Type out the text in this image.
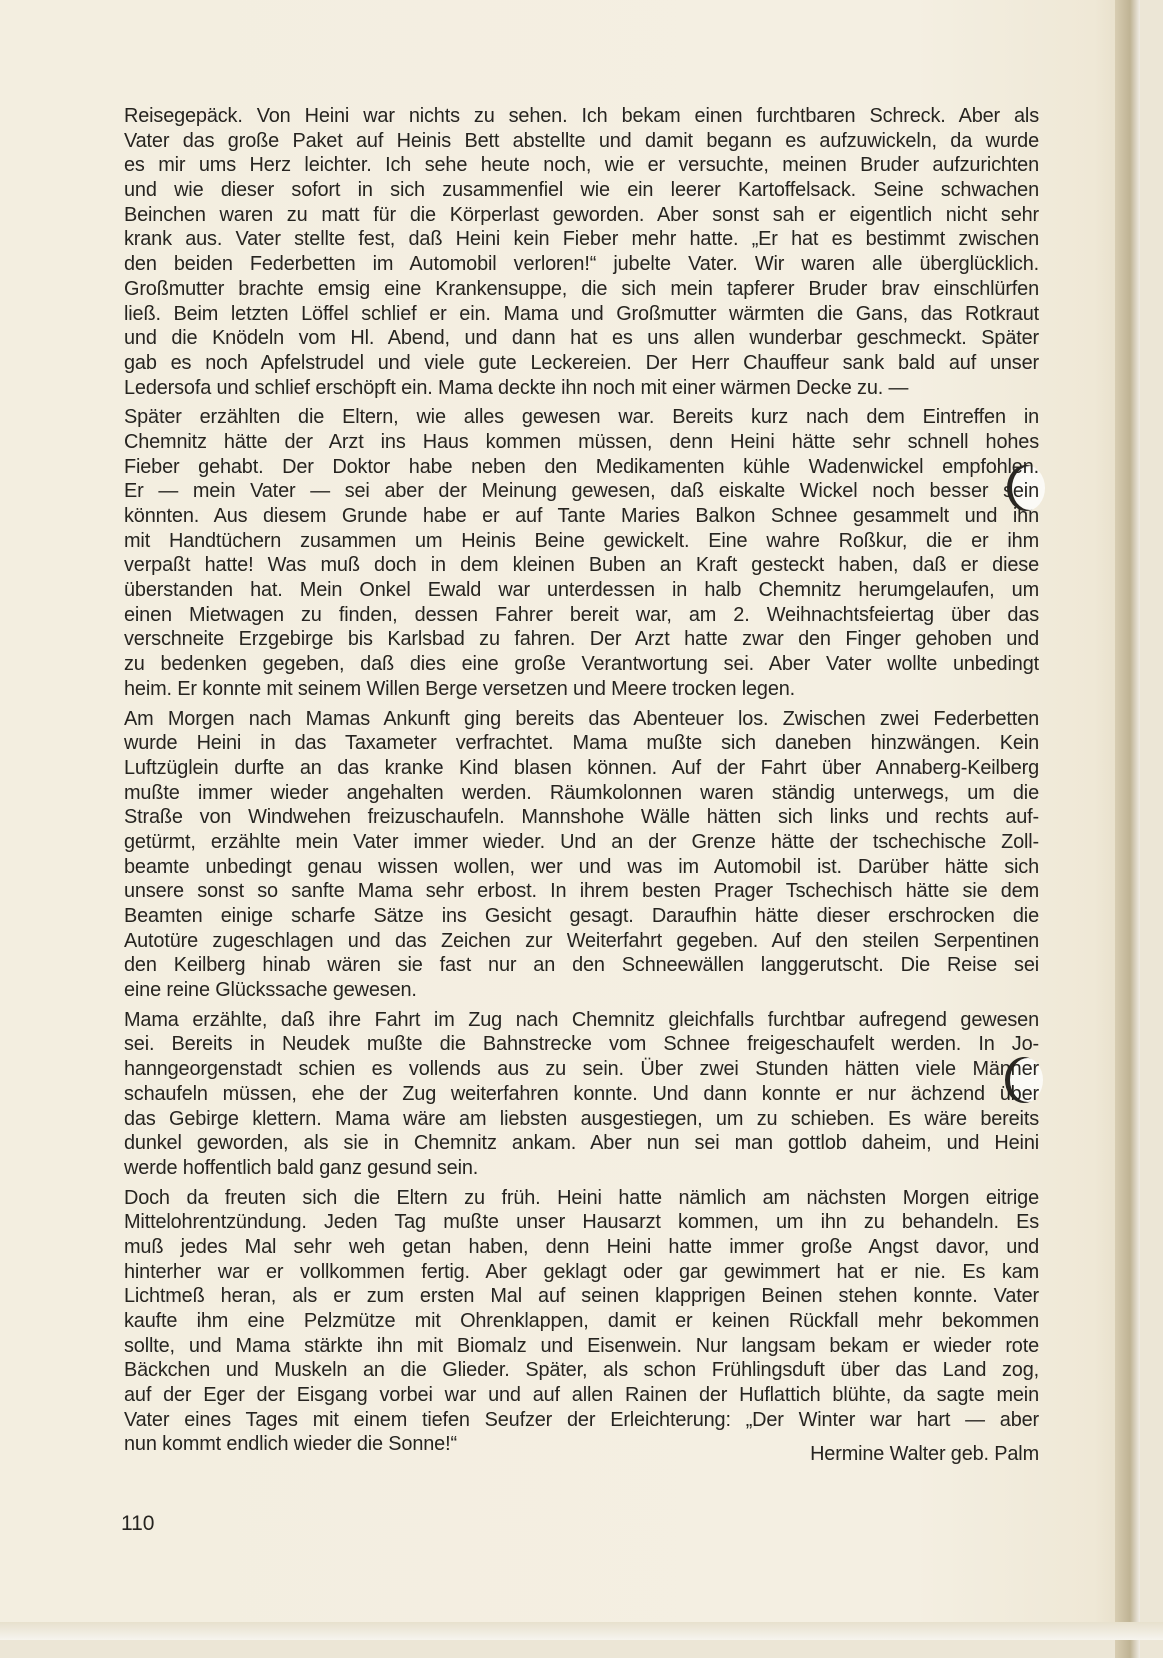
Reisegepäck. Von Heini war nichts zu sehen. Ich bekam einen furchtbaren Schreck. Aber als
Vater das große Paket auf Heinis Bett abstellte und damit begann es aufzuwickeln, da wurde
es mir ums Herz leichter. Ich sehe heute noch, wie er versuchte, meinen Bruder aufzurichten
und wie dieser sofort in sich zusammenfiel wie ein leerer Kartoffelsack. Seine schwachen
Beinchen waren zu matt für die Körperlast geworden. Aber sonst sah er eigentlich nicht sehr
krank aus. Vater stellte fest, daß Heini kein Fieber mehr hatte. „Er hat es bestimmt zwischen
den beiden Federbetten im Automobil verloren!“ jubelte Vater. Wir waren alle überglücklich.
Großmutter brachte emsig eine Krankensuppe, die sich mein tapferer Bruder brav einschlürfen
ließ. Beim letzten Löffel schlief er ein. Mama und Großmutter wärmten die Gans, das Rotkraut
und die Knödeln vom Hl. Abend, und dann hat es uns allen wunderbar geschmeckt. Später
gab es noch Apfelstrudel und viele gute Leckereien. Der Herr Chauffeur sank bald auf unser
Ledersofa und schlief erschöpft ein. Mama deckte ihn noch mit einer wärmen Decke zu. —
Später erzählten die Eltern, wie alles gewesen war. Bereits kurz nach dem Eintreffen in
Chemnitz hätte der Arzt ins Haus kommen müssen, denn Heini hätte sehr schnell hohes
Fieber gehabt. Der Doktor habe neben den Medikamenten kühle Wadenwickel empfohlen.
Er — mein Vater — sei aber der Meinung gewesen, daß eiskalte Wickel noch besser sein
könnten. Aus diesem Grunde habe er auf Tante Maries Balkon Schnee gesammelt und ihn
mit Handtüchern zusammen um Heinis Beine gewickelt. Eine wahre Roßkur, die er ihm
verpaßt hatte! Was muß doch in dem kleinen Buben an Kraft gesteckt haben, daß er diese
überstanden hat. Mein Onkel Ewald war unterdessen in halb Chemnitz herumgelaufen, um
einen Mietwagen zu finden, dessen Fahrer bereit war, am 2. Weihnachtsfeiertag über das
verschneite Erzgebirge bis Karlsbad zu fahren. Der Arzt hatte zwar den Finger gehoben und
zu bedenken gegeben, daß dies eine große Verantwortung sei. Aber Vater wollte unbedingt
heim. Er konnte mit seinem Willen Berge versetzen und Meere trocken legen.
Am Morgen nach Mamas Ankunft ging bereits das Abenteuer los. Zwischen zwei Federbetten
wurde Heini in das Taxameter verfrachtet. Mama mußte sich daneben hinzwängen. Kein
Luftzüglein durfte an das kranke Kind blasen können. Auf der Fahrt über Annaberg-Keilberg
mußte immer wieder angehalten werden. Räumkolonnen waren ständig unterwegs, um die
Straße von Windwehen freizuschaufeln. Mannshohe Wälle hätten sich links und rechts auf-
getürmt, erzählte mein Vater immer wieder. Und an der Grenze hätte der tschechische Zoll-
beamte unbedingt genau wissen wollen, wer und was im Automobil ist. Darüber hätte sich
unsere sonst so sanfte Mama sehr erbost. In ihrem besten Prager Tschechisch hätte sie dem
Beamten einige scharfe Sätze ins Gesicht gesagt. Daraufhin hätte dieser erschrocken die
Autotüre zugeschlagen und das Zeichen zur Weiterfahrt gegeben. Auf den steilen Serpentinen
den Keilberg hinab wären sie fast nur an den Schneewällen langgerutscht. Die Reise sei
eine reine Glückssache gewesen.
Mama erzählte, daß ihre Fahrt im Zug nach Chemnitz gleichfalls furchtbar aufregend gewesen
sei. Bereits in Neudek mußte die Bahnstrecke vom Schnee freigeschaufelt werden. In Jo-
hanngeorgenstadt schien es vollends aus zu sein. Über zwei Stunden hätten viele Männer
schaufeln müssen, ehe der Zug weiterfahren konnte. Und dann konnte er nur ächzend über
das Gebirge klettern. Mama wäre am liebsten ausgestiegen, um zu schieben. Es wäre bereits
dunkel geworden, als sie in Chemnitz ankam. Aber nun sei man gottlob daheim, und Heini
werde hoffentlich bald ganz gesund sein.
Doch da freuten sich die Eltern zu früh. Heini hatte nämlich am nächsten Morgen eitrige
Mittelohrentzündung. Jeden Tag mußte unser Hausarzt kommen, um ihn zu behandeln. Es
muß jedes Mal sehr weh getan haben, denn Heini hatte immer große Angst davor, und
hinterher war er vollkommen fertig. Aber geklagt oder gar gewimmert hat er nie. Es kam
Lichtmeß heran, als er zum ersten Mal auf seinen klapprigen Beinen stehen konnte. Vater
kaufte ihm eine Pelzmütze mit Ohrenklappen, damit er keinen Rückfall mehr bekommen
sollte, und Mama stärkte ihn mit Biomalz und Eisenwein. Nur langsam bekam er wieder rote
Bäckchen und Muskeln an die Glieder. Später, als schon Frühlingsduft über das Land zog,
auf der Eger der Eisgang vorbei war und auf allen Rainen der Huflattich blühte, da sagte mein
Vater eines Tages mit einem tiefen Seufzer der Erleichterung: „Der Winter war hart — aber
nun kommt endlich wieder die Sonne!“	Hermine Walter geb. Palm
110
